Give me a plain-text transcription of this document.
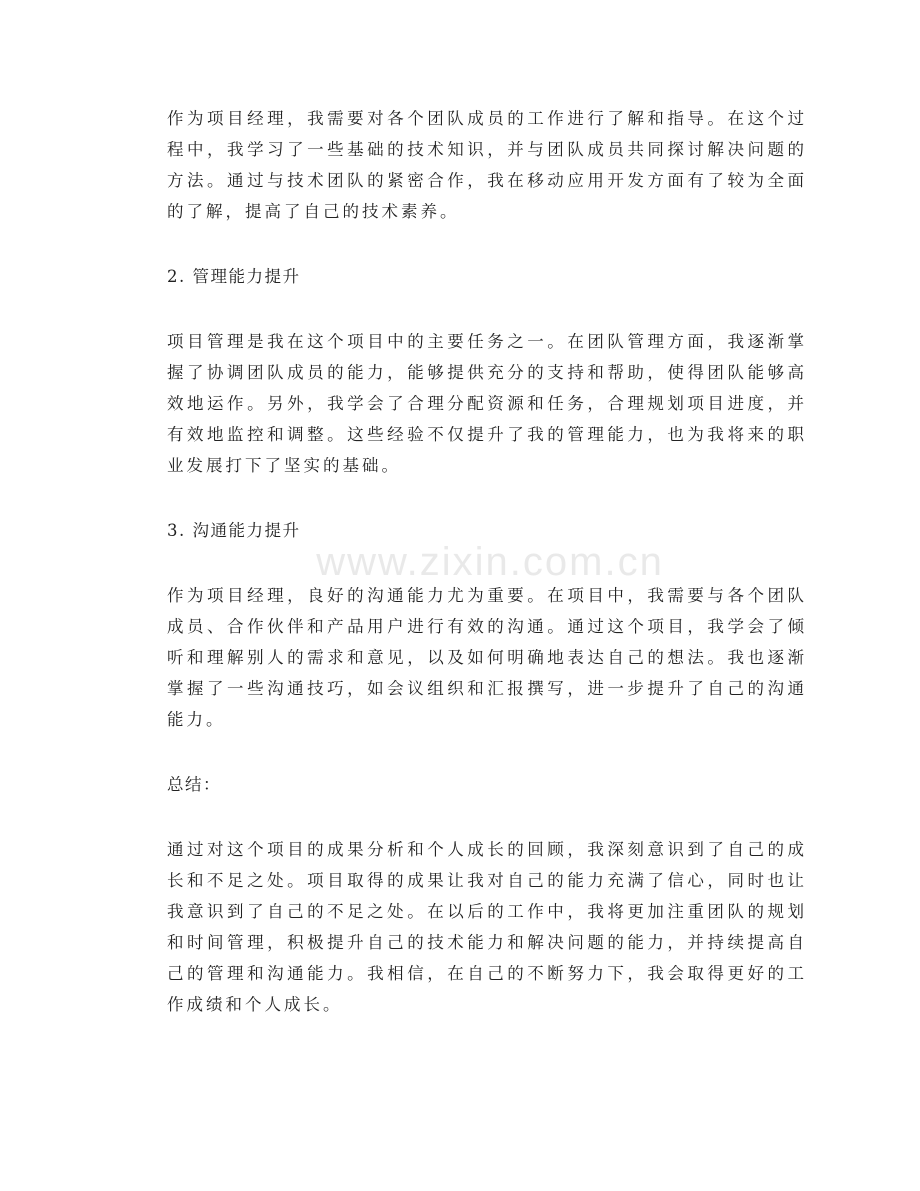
作为项目经理，我需要对各个团队成员的工作进行了解和指导。在这个过程中，我学习了一些基础的技术知识，并与团队成员共同探讨解决问题的方法。通过与技术团队的紧密合作，我在移动应用开发方面有了较为全面的了解，提高了自己的技术素养。

2. 管理能力提升

项目管理是我在这个项目中的主要任务之一。在团队管理方面，我逐渐掌握了协调团队成员的能力，能够提供充分的支持和帮助，使得团队能够高效地运作。另外，我学会了合理分配资源和任务，合理规划项目进度，并有效地监控和调整。这些经验不仅提升了我的管理能力，也为我将来的职业发展打下了坚实的基础。

3. 沟通能力提升

作为项目经理，良好的沟通能力尤为重要。在项目中，我需要与各个团队成员、合作伙伴和产品用户进行有效的沟通。通过这个项目，我学会了倾听和理解别人的需求和意见，以及如何明确地表达自己的想法。我也逐渐掌握了一些沟通技巧，如会议组织和汇报撰写，进一步提升了自己的沟通能力。

总结：

通过对这个项目的成果分析和个人成长的回顾，我深刻意识到了自己的成长和不足之处。项目取得的成果让我对自己的能力充满了信心，同时也让我意识到了自己的不足之处。在以后的工作中，我将更加注重团队的规划和时间管理，积极提升自己的技术能力和解决问题的能力，并持续提高自己的管理和沟通能力。我相信，在自己的不断努力下，我会取得更好的工作成绩和个人成长。

www.zixin.com.cn
